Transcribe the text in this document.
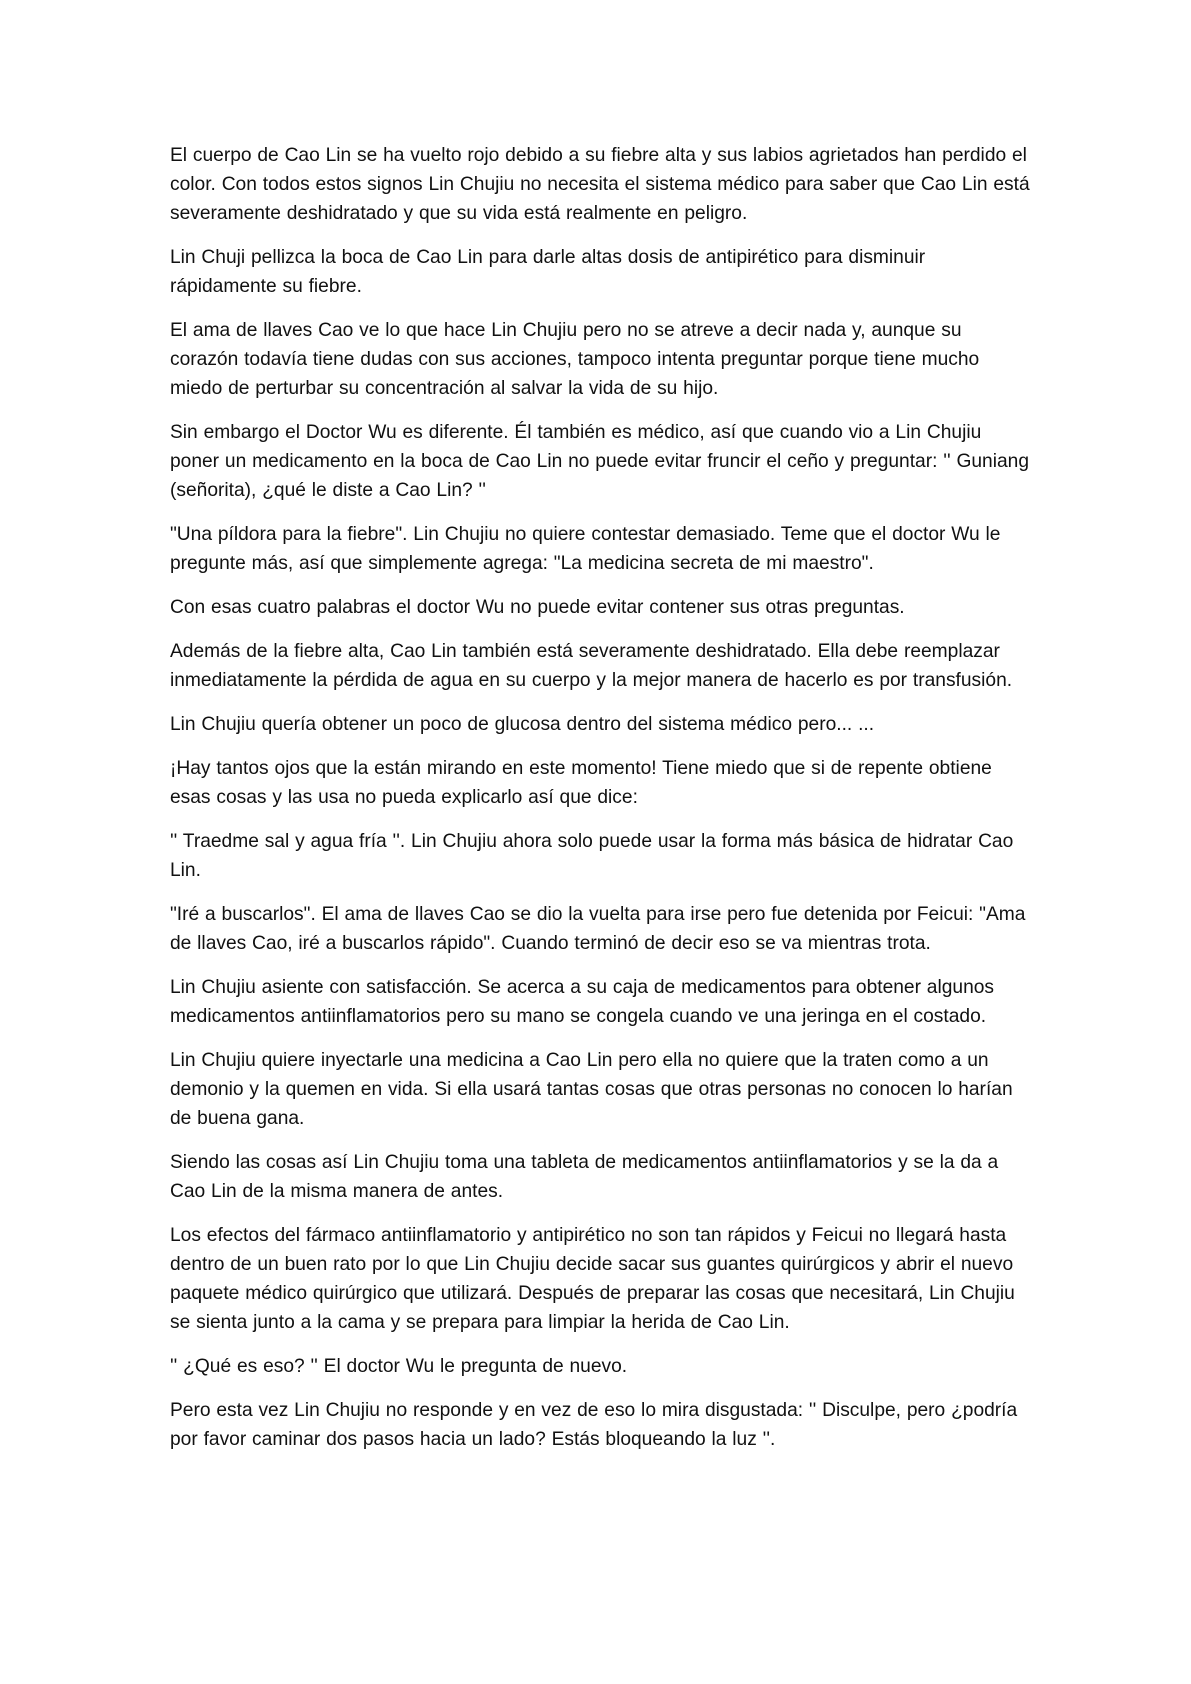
El cuerpo de Cao Lin se ha vuelto rojo debido a su fiebre alta y sus labios agrietados han perdido el color. Con todos estos signos Lin Chujiu no necesita el sistema médico para saber que Cao Lin está severamente deshidratado y que su vida está realmente en peligro.

Lin Chuji pellizca la boca de Cao Lin para darle altas dosis de antipirético para disminuir rápidamente su fiebre.

El ama de llaves Cao ve lo que hace Lin Chujiu pero no se atreve a decir nada y, aunque su corazón todavía tiene dudas con sus acciones, tampoco intenta preguntar porque tiene mucho miedo de perturbar su concentración al salvar la vida de su hijo.

Sin embargo el Doctor Wu es diferente. Él también es médico, así que cuando vio a Lin Chujiu poner un medicamento en la boca de Cao Lin no puede evitar fruncir el ceño y preguntar: '' Guniang (señorita), ¿qué le diste a Cao Lin? ''

"Una píldora para la fiebre". Lin Chujiu no quiere contestar demasiado. Teme que el doctor Wu le pregunte más, así que simplemente agrega: "La medicina secreta de mi maestro".

Con esas cuatro palabras el doctor Wu no puede evitar contener sus otras preguntas.

Además de la fiebre alta, Cao Lin también está severamente deshidratado. Ella debe reemplazar inmediatamente la pérdida de agua en su cuerpo y la mejor manera de hacerlo es por transfusión.

Lin Chujiu quería obtener un poco de glucosa dentro del sistema médico pero... ...

¡Hay tantos ojos que la están mirando en este momento! Tiene miedo que si de repente obtiene esas cosas y las usa no pueda explicarlo así que dice:

'' Traedme sal y agua fría ''. Lin Chujiu ahora solo puede usar la forma más básica de hidratar Cao Lin.

"Iré a buscarlos". El ama de llaves Cao se dio la vuelta para irse pero fue detenida por Feicui: "Ama de llaves Cao, iré a buscarlos rápido". Cuando terminó de decir eso se va mientras trota.

Lin Chujiu asiente con satisfacción. Se acerca a su caja de medicamentos para obtener algunos medicamentos antiinflamatorios pero su mano se congela cuando ve una jeringa en el costado.

Lin Chujiu quiere inyectarle una medicina a Cao Lin pero ella no quiere que la traten como a un demonio y la quemen en vida. Si ella usará tantas cosas que otras personas no conocen lo harían de buena gana.

Siendo las cosas así Lin Chujiu toma una tableta de medicamentos antiinflamatorios y se la da a Cao Lin de la misma manera de antes.

Los efectos del fármaco antiinflamatorio y antipirético no son tan rápidos y Feicui no llegará hasta dentro de un buen rato por lo que Lin Chujiu decide sacar sus guantes quirúrgicos y abrir el nuevo paquete médico quirúrgico que utilizará. Después de preparar las cosas que necesitará, Lin Chujiu se sienta junto a la cama y se prepara para limpiar la herida de Cao Lin.

'' ¿Qué es eso? '' El doctor Wu le pregunta de nuevo.

Pero esta vez Lin Chujiu no responde y en vez de eso lo mira disgustada: '' Disculpe, pero ¿podría por favor caminar dos pasos hacia un lado? Estás bloqueando la luz ''.
